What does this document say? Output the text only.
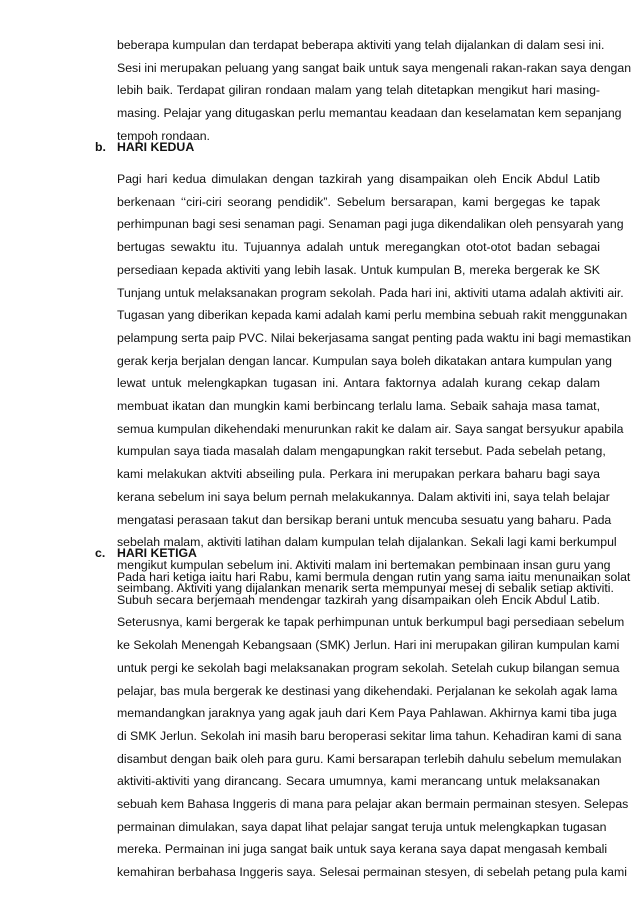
beberapa kumpulan dan terdapat beberapa aktiviti yang telah dijalankan di dalam sesi ini.

Sesi ini merupakan peluang yang sangat baik untuk saya mengenali rakan-rakan saya dengan

lebih baik. Terdapat giliran rondaan malam yang telah ditetapkan mengikut hari masing-

masing. Pelajar yang ditugaskan perlu memantau keadaan dan keselamatan kem sepanjang

tempoh rondaan.

b. HARI KEDUA

Pagi hari kedua dimulakan dengan tazkirah yang disampaikan oleh Encik Abdul Latib

berkenaan ‘‘ciri-ciri seorang pendidik”. Sebelum bersarapan, kami bergegas ke tapak

perhimpunan bagi sesi senaman pagi. Senaman pagi juga dikendalikan oleh pensyarah yang

bertugas sewaktu itu. Tujuannya adalah untuk meregangkan otot-otot badan sebagai

persediaan kepada aktiviti yang lebih lasak. Untuk kumpulan B, mereka bergerak ke SK

Tunjang untuk melaksanakan program sekolah. Pada hari ini, aktiviti utama adalah aktiviti air.

Tugasan yang diberikan kepada kami adalah kami perlu membina sebuah rakit menggunakan

pelampung serta paip PVC. Nilai bekerjasama sangat penting pada waktu ini bagi memastikan

gerak kerja berjalan dengan lancar. Kumpulan saya boleh dikatakan antara kumpulan yang

lewat untuk melengkapkan tugasan ini. Antara faktornya adalah kurang cekap dalam

membuat ikatan dan mungkin kami berbincang terlalu lama. Sebaik sahaja masa tamat,

semua kumpulan dikehendaki menurunkan rakit ke dalam air. Saya sangat bersyukur apabila

kumpulan saya tiada masalah dalam mengapungkan rakit tersebut. Pada sebelah petang,

kami melakukan aktviti abseiling pula. Perkara ini merupakan perkara baharu bagi saya

kerana sebelum ini saya belum pernah melakukannya. Dalam aktiviti ini, saya telah belajar

mengatasi perasaan takut dan bersikap berani untuk mencuba sesuatu yang baharu. Pada

sebelah malam, aktiviti latihan dalam kumpulan telah dijalankan. Sekali lagi kami berkumpul

mengikut kumpulan sebelum ini. Aktiviti malam ini bertemakan pembinaan insan guru yang

seimbang. Aktiviti yang dijalankan menarik serta mempunyai mesej di sebalik setiap aktiviti.

c. HARI KETIGA

Pada hari ketiga iaitu hari Rabu, kami bermula dengan rutin yang sama iaitu menunaikan solat

Subuh secara berjemaah mendengar tazkirah yang disampaikan oleh Encik Abdul Latib.

Seterusnya, kami bergerak ke tapak perhimpunan untuk berkumpul bagi persediaan sebelum

ke Sekolah Menengah Kebangsaan (SMK) Jerlun. Hari ini merupakan giliran kumpulan kami

untuk pergi ke sekolah bagi melaksanakan program sekolah. Setelah cukup bilangan semua

pelajar, bas mula bergerak ke destinasi yang dikehendaki. Perjalanan ke sekolah agak lama

memandangkan jaraknya yang agak jauh dari Kem Paya Pahlawan. Akhirnya kami tiba juga

di SMK Jerlun. Sekolah ini masih baru beroperasi sekitar lima tahun. Kehadiran kami di sana

disambut dengan baik oleh para guru. Kami bersarapan terlebih dahulu sebelum memulakan

aktiviti-aktiviti yang dirancang. Secara umumnya, kami merancang untuk melaksanakan

sebuah kem Bahasa Inggeris di mana para pelajar akan bermain permainan stesyen. Selepas

permainan dimulakan, saya dapat lihat pelajar sangat teruja untuk melengkapkan tugasan

mereka. Permainan ini juga sangat baik untuk saya kerana saya dapat mengasah kembali

kemahiran berbahasa Inggeris saya. Selesai permainan stesyen, di sebelah petang pula kami
